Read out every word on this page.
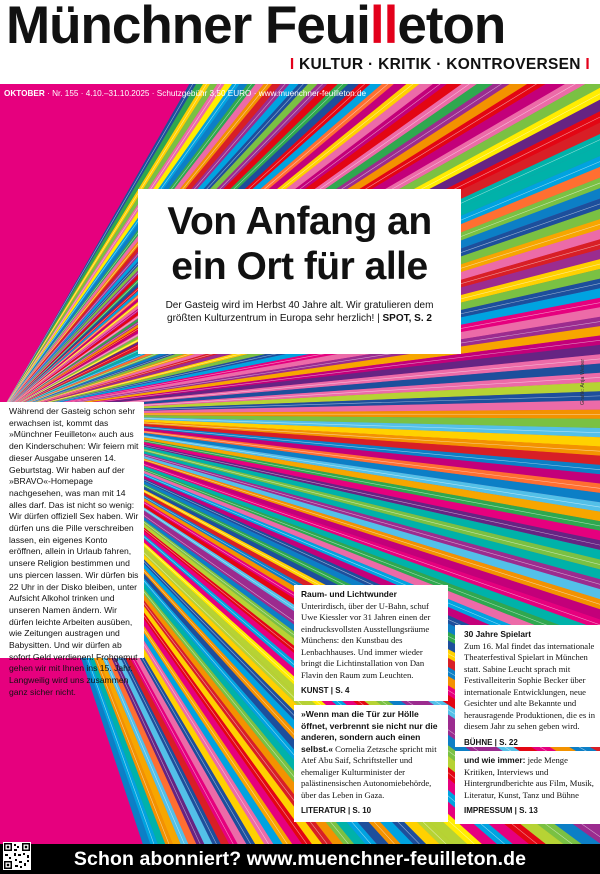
Münchner Feuilleton
I KULTUR · KRITIK · KONTROVERSEN I
OKTOBER · Nr. 155 · 4.10.–31.10.2025 · Schutzgebühr 3,50 EURO · www.muenchner-feuilleton.de
Grafik: Anja Weber
Von Anfang an
ein Ort für alle

Der Gasteig wird im Herbst 40 Jahre alt. Wir gratulieren dem größten Kulturzentrum in Europa sehr herzlich! | SPOT, S. 2

Während der Gasteig schon sehr erwachsen ist, kommt das »Münchner Feuilleton« auch aus den Kinderschuhen: Wir feiern mit dieser Ausgabe unseren 14. Geburtstag. Wir haben auf der »BRAVO«-Homepage nachgesehen, was man mit 14 alles darf. Das ist nicht so wenig: Wir dürfen offiziell Sex haben. Wir dürfen uns die Pille verschreiben lassen, ein eigenes Konto eröffnen, allein in Urlaub fahren, unsere Religion bestimmen und uns piercen lassen. Wir dürfen bis 22 Uhr in der Disko bleiben, unter Aufsicht Alkohol trinken und unseren Namen ändern. Wir dürfen leichte Arbeiten ausüben, wie Zeitungen austragen und Babysitten. Und wir dürfen ab sofort Geld verdienen! Frohgemut gehen wir mit Ihnen ins 15. Jahr. Langweilig wird uns zusammen ganz sicher nicht.
Raum- und Lichtwunder
Unterirdisch, über der U-Bahn, schuf Uwe Kiessler vor 31 Jahren einen der eindrucksvollsten Ausstellungsräume Münchens: den Kunstbau des Lenbachhauses. Und immer wieder bringt die Lichtinstallation von Dan Flavin den Raum zum Leuchten.
KUNST | S. 4
»Wenn man die Tür zur Hölle öffnet, verbrennt sie nicht nur die anderen, sondern auch einen selbst.« Cornelia Zetzsche spricht mit Atef Abu Saif, Schriftsteller und ehemaliger Kulturminister der palästinensischen Autonomiebehörde, über das Leben in Gaza.
LITERATUR | S. 10
30 Jahre Spielart
Zum 16. Mal findet das internationale Theaterfestival Spielart in München statt. Sabine Leucht sprach mit Festivalleiterin Sophie Becker über internationale Entwicklungen, neue Gesichter und alte Bekannte und herausragende Produktionen, die es in diesem Jahr zu sehen geben wird.
BÜHNE | S. 22
und wie immer: jede Menge Kritiken, Interviews und Hintergrundberichte aus Film, Musik, Literatur, Kunst, Tanz und Bühne
IMPRESSUM | S. 13
Schon abonniert? www.muenchner-feuilleton.de
